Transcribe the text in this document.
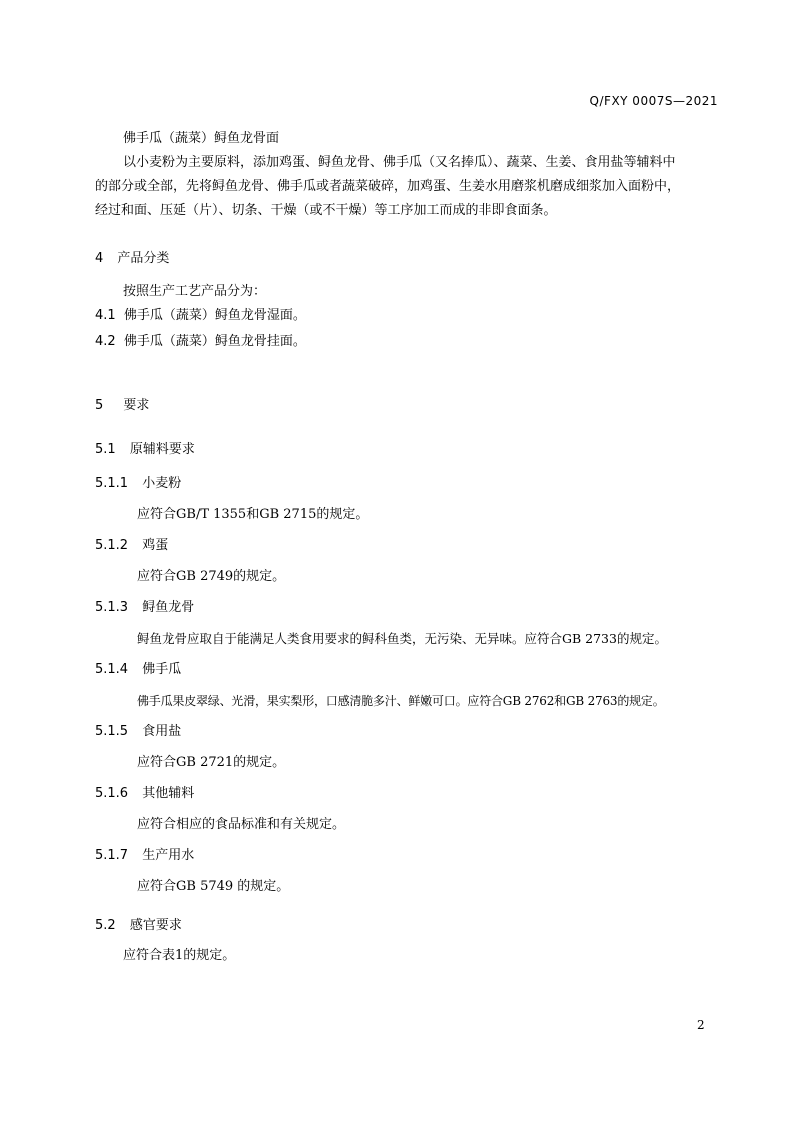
Q/FXY 0007S—2021
佛手瓜（蔬菜）鲟鱼龙骨面
以小麦粉为主要原料，添加鸡蛋、鲟鱼龙骨、佛手瓜（又名捧瓜）、蔬菜、生姜、食用盐等辅料中
的部分或全部，先将鲟鱼龙骨、佛手瓜或者蔬菜破碎，加鸡蛋、生姜水用磨浆机磨成细浆加入面粉中，
经过和面、压延（片）、切条、干燥（或不干燥）等工序加工而成的非即食面条。
4 产品分类
按照生产工艺产品分为：
4.1 佛手瓜（蔬菜）鲟鱼龙骨湿面。
4.2 佛手瓜（蔬菜）鲟鱼龙骨挂面。
5 要求
5.1 原辅料要求
5.1.1 小麦粉
应符合GB/T 1355和GB 2715的规定。
5.1.2 鸡蛋
应符合GB 2749的规定。
5.1.3 鲟鱼龙骨
鲟鱼龙骨应取自于能满足人类食用要求的鲟科鱼类，无污染、无异味。应符合GB 2733的规定。
5.1.4 佛手瓜
佛手瓜果皮翠绿、光滑，果实梨形，口感清脆多汁、鲜嫩可口。应符合GB 2762和GB 2763的规定。
5.1.5 食用盐
应符合GB 2721的规定。
5.1.6 其他辅料
应符合相应的食品标准和有关规定。
5.1.7 生产用水
应符合GB 5749 的规定。
5.2 感官要求
应符合表1的规定。
2
